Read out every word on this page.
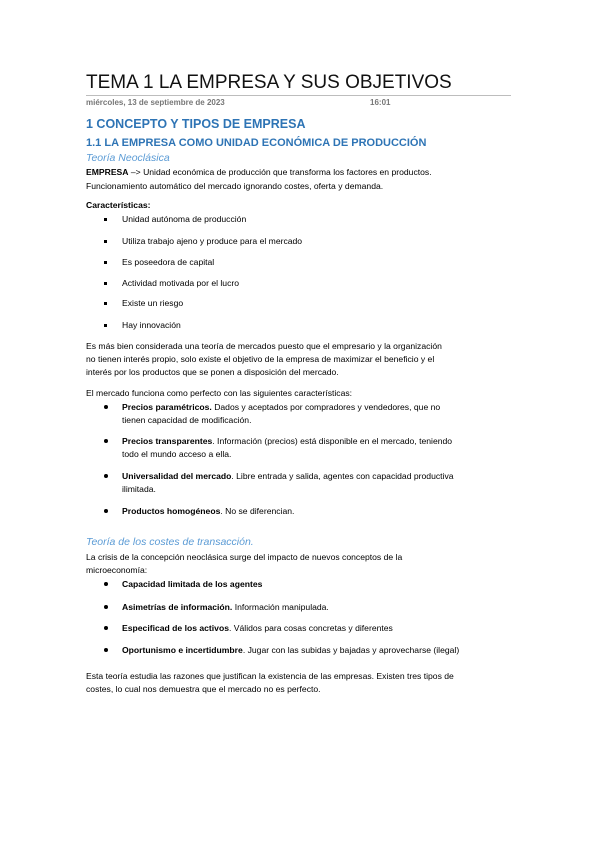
TEMA 1 LA EMPRESA Y SUS OBJETIVOS
miércoles, 13 de septiembre de 2023	16:01
1 CONCEPTO Y TIPOS DE EMPRESA
1.1 LA EMPRESA COMO UNIDAD ECONÓMICA DE PRODUCCIÓN
Teoría Neoclásica
EMPRESA –> Unidad económica de producción que transforma los factores en productos.
Funcionamiento automático del mercado ignorando costes, oferta y demanda.
Características:
Unidad autónoma de producción
Utiliza trabajo ajeno y produce para el mercado
Es poseedora de capital
Actividad motivada por el lucro
Existe un riesgo
Hay innovación
Es más bien considerada una teoría de mercados puesto que el empresario y la organización
no tienen interés propio, solo existe el objetivo de la empresa de maximizar el beneficio y el
interés por los productos que se ponen a disposición del mercado.
El mercado funciona como perfecto con las siguientes características:
Precios paramétricos. Dados y aceptados por compradores y vendedores, que no
tienen capacidad de modificación.
Precios transparentes. Información (precios) está disponible en el mercado, teniendo
todo el mundo acceso a ella.
Universalidad del mercado. Libre entrada y salida, agentes con capacidad productiva
ilimitada.
Productos homogéneos. No se diferencian.
Teoría de los costes de transacción.
La crisis de la concepción neoclásica surge del impacto de nuevos conceptos de la
microeconomía:
Capacidad limitada de los agentes
Asimetrías de información. Información manipulada.
Especificad de los activos. Válidos para cosas concretas y diferentes
Oportunismo e incertidumbre. Jugar con las subidas y bajadas y aprovecharse (ilegal)
Esta teoría estudia las razones que justifican la existencia de las empresas. Existen tres tipos de
costes, lo cual nos demuestra que el mercado no es perfecto.
